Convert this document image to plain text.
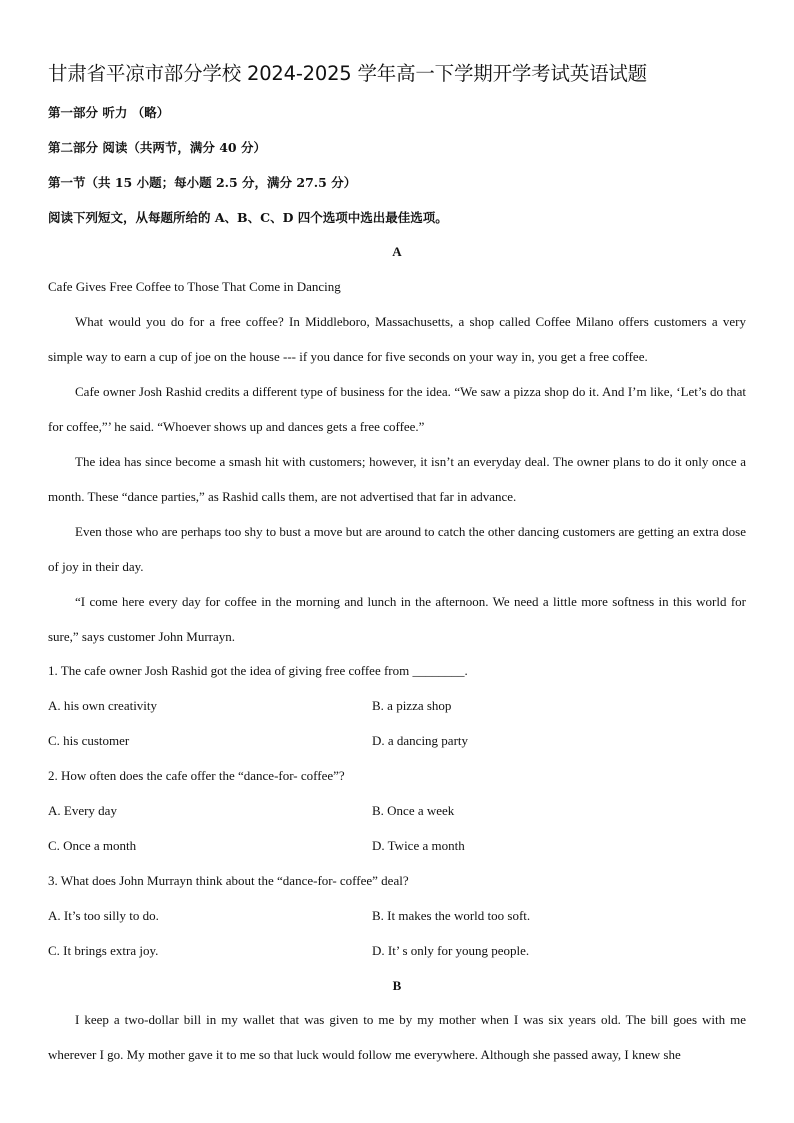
甘肃省平凉市部分学校 2024-2025 学年高一下学期开学考试英语试题
第一部分 听力 （略）
第二部分 阅读（共两节，满分 40 分）
第一节（共 15 小题；每小题 2.5 分，满分 27.5 分）
阅读下列短文，从每题所给的 A、B、C、D 四个选项中选出最佳选项。
A
Cafe Gives Free Coffee to Those That Come in Dancing
What would you do for a free coffee? In Middleboro, Massachusetts, a shop called Coffee Milano offers customers a very simple way to earn a cup of joe on the house --- if you dance for five seconds on your way in, you get a free coffee.
Cafe owner Josh Rashid credits a different type of business for the idea. “We saw a pizza shop do it. And I’m like, ‘Let’s do that for coffee,”’ he said. “Whoever shows up and dances gets a free coffee.”
The idea has since become a smash hit with customers; however, it isn’t an everyday deal. The owner plans to do it only once a month. These “dance parties,” as Rashid calls them, are not advertised that far in advance.
Even those who are perhaps too shy to bust a move but are around to catch the other dancing customers are getting an extra dose of joy in their day.
“I come here every day for coffee in the morning and lunch in the afternoon. We need a little more softness in this world for sure,” says customer John Murrayn.
1. The cafe owner Josh Rashid got the idea of giving free coffee from ________.
A. his own creativity	B. a pizza shop
C. his customer	D. a dancing party
2. How often does the cafe offer the “dance-for- coffee”?
A. Every day	B. Once a week
C. Once a month	D. Twice a month
3. What does John Murrayn think about the “dance-for- coffee” deal?
A. It’s too silly to do.	B. It makes the world too soft.
C. It brings extra joy.	D. It’ s only for young people.
B
I keep a two-dollar bill in my wallet that was given to me by my mother when I was six years old. The bill goes with me wherever I go. My mother gave it to me so that luck would follow me everywhere. Although she passed away, I knew she
